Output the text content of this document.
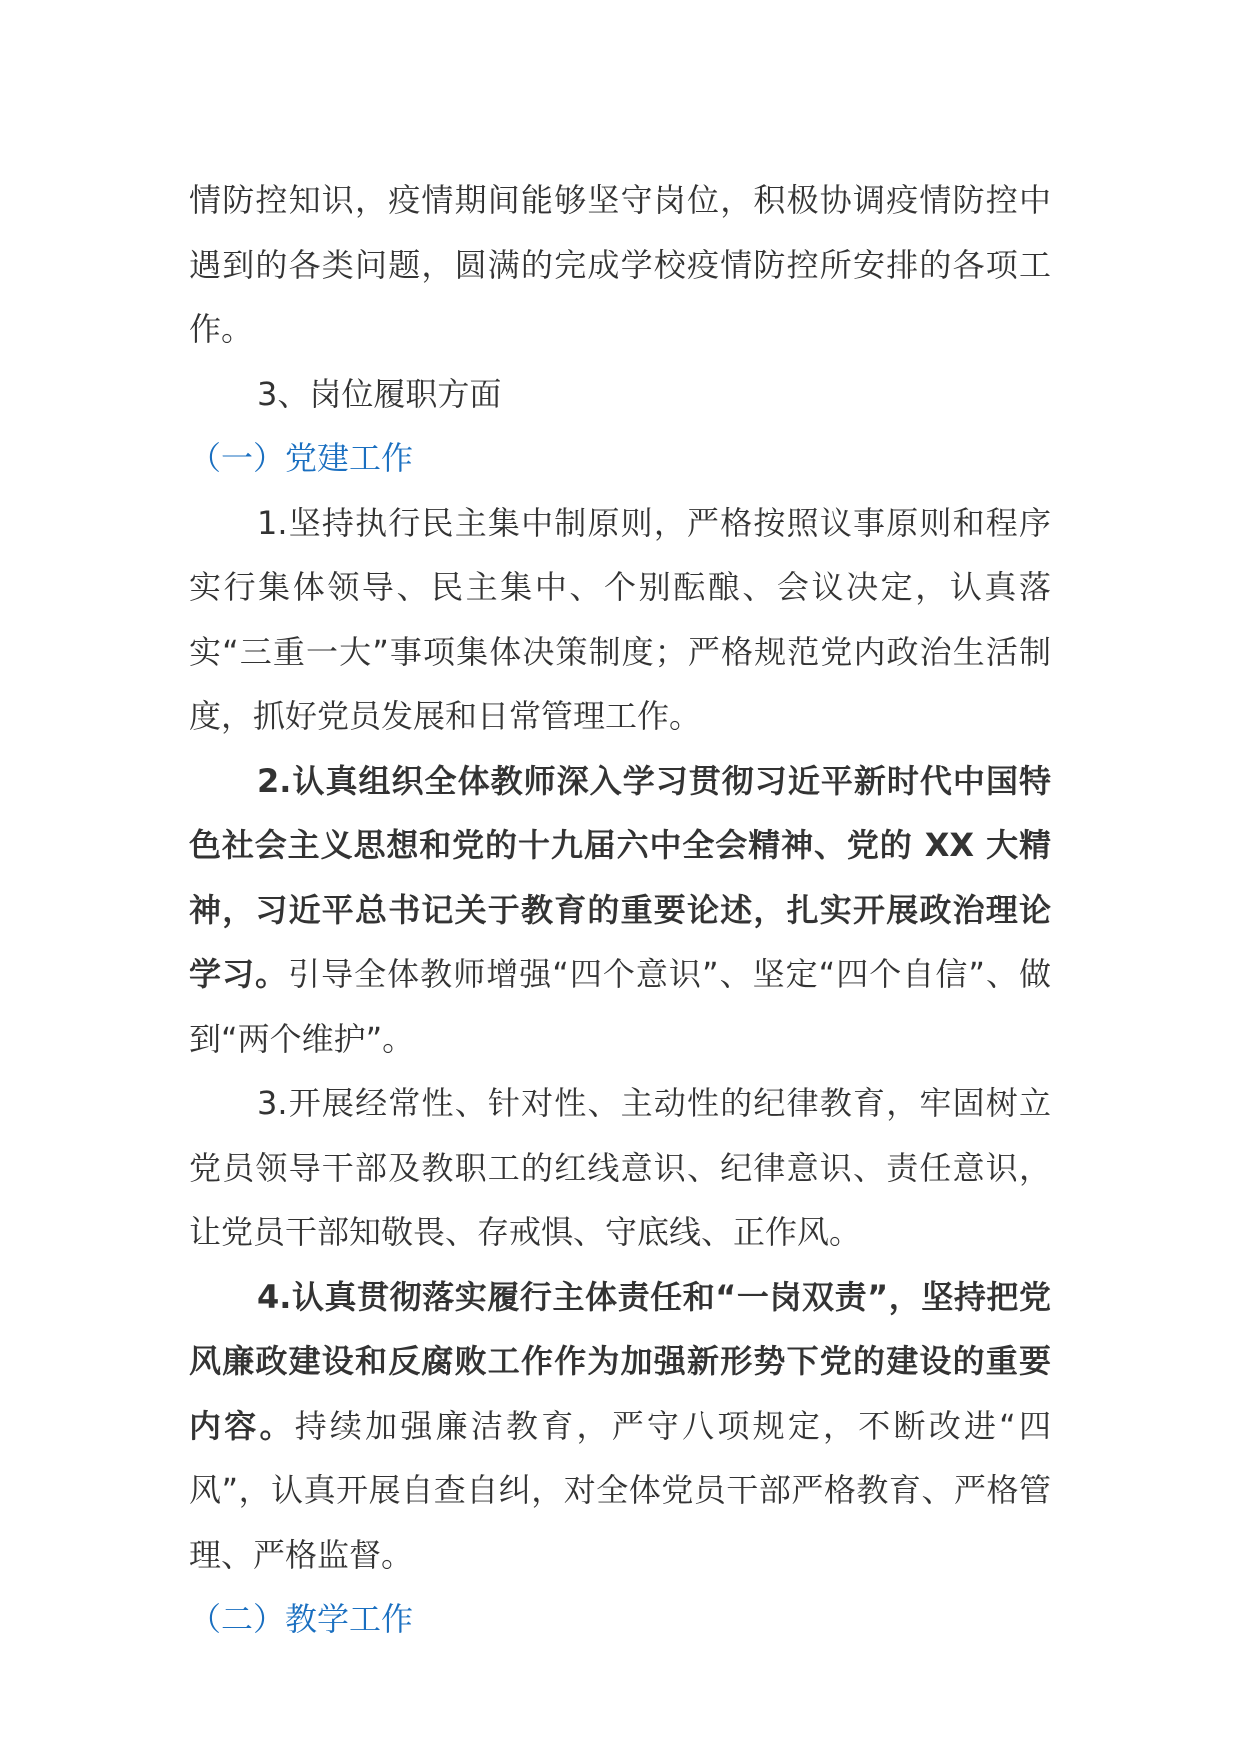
情防控知识，疫情期间能够坚守岗位，积极协调疫情防控中遇到的各类问题，圆满的完成学校疫情防控所安排的各项工作。

3、岗位履职方面

（一）党建工作

1.坚持执行民主集中制原则，严格按照议事原则和程序实行集体领导、民主集中、个别酝酿、会议决定，认真落实“三重一大”事项集体决策制度；严格规范党内政治生活制度，抓好党员发展和日常管理工作。

2.认真组织全体教师深入学习贯彻习近平新时代中国特色社会主义思想和党的十九届六中全会精神、党的 XX 大精神，习近平总书记关于教育的重要论述，扎实开展政治理论学习。引导全体教师增强“四个意识”、坚定“四个自信”、做到“两个维护”。

3.开展经常性、针对性、主动性的纪律教育，牢固树立党员领导干部及教职工的红线意识、纪律意识、责任意识，让党员干部知敬畏、存戒惧、守底线、正作风。

4.认真贯彻落实履行主体责任和“一岗双责”，坚持把党风廉政建设和反腐败工作作为加强新形势下党的建设的重要内容。持续加强廉洁教育，严守八项规定，不断改进“四风”，认真开展自查自纠，对全体党员干部严格教育、严格管理、严格监督。

（二）教学工作
